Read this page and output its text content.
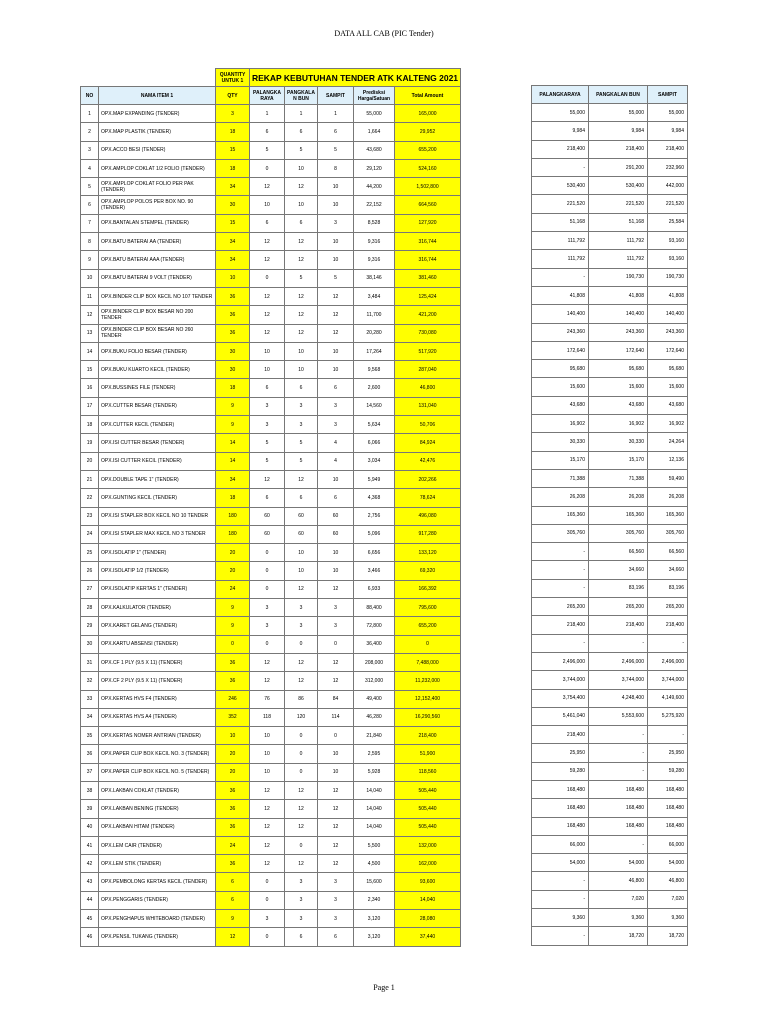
DATA ALL CAB (PIC Tender)
		QUANTITY UNTUK 1	REKAP KEBUTUHAN TENDER ATK KALTENG 2021				
NO	NAMA ITEM 1	QTY	PALANGKA RAYA	PANGKALA N BUN	SAMPIT	Predisksi Harga/Satuan	Total Amount
1	OPX.MAP EXPANDING (TENDER)	3	1	1	1	55,000	165,000
2	OPX.MAP PLASTIK (TENDER)	18	6	6	6	1,664	29,952
3	OPX.ACCO BESI (TENDER)	15	5	5	5	43,680	655,200
4	OPX.AMPLOP COKLAT 1/2 FOLIO (TENDER)	18	0	10	8	29,120	524,160
5	OPX.AMPLOP COKLAT FOLIO PER PAK (TENDER)	34	12	12	10	44,200	1,502,800
6	OPX.AMPLOP POLOS PER BOX NO. 90 (TENDER)	30	10	10	10	22,152	664,560
7	OPX.BANTALAN STEMPEL (TENDER)	15	6	6	3	8,528	127,920
8	OPX.BATU BATERAI AA (TENDER)	34	12	12	10	9,316	316,744
9	OPX.BATU BATERAI AAA (TENDER)	34	12	12	10	9,316	316,744
10	OPX.BATU BATERAI 9 VOLT (TENDER)	10	0	5	5	38,146	381,460
11	OPX.BINDER CLIP BOX KECIL NO 107 TENDER	36	12	12	12	3,484	125,424
12	OPX.BINDER CLIP BOX BESAR NO 200 TENDER	36	12	12	12	11,700	421,200
13	OPX.BINDER CLIP BOX BESAR NO 260 TENDER	36	12	12	12	20,280	730,080
14	OPX.BUKU FOLIO BESAR (TENDER)	30	10	10	10	17,264	517,920
15	OPX.BUKU KUARTO KECIL (TENDER)	30	10	10	10	9,568	287,040
16	OPX.BUSSINES FILE (TENDER)	18	6	6	6	2,600	46,800
17	OPX.CUTTER BESAR (TENDER)	9	3	3	3	14,560	131,040
18	OPX.CUTTER KECIL (TENDER)	9	3	3	3	5,634	50,706
19	OPX.ISI CUTTER BESAR (TENDER)	14	5	5	4	6,066	84,924
20	OPX.ISI CUTTER KECIL (TENDER)	14	5	5	4	3,034	42,476
21	OPX.DOUBLE TAPE 1" (TENDER)	34	12	12	10	5,949	202,266
22	OPX.GUNTING KECIL (TENDER)	18	6	6	6	4,368	78,624
23	OPX.ISI STAPLER BOX KECIL NO 10 TENDER	180	60	60	60	2,756	496,080
24	OPX.ISI STAPLER MAX KECIL NO 3 TENDER	180	60	60	60	5,096	917,280
25	OPX.ISOLATIP 1" (TENDER)	20	0	10	10	6,656	133,120
26	OPX.ISOLATIP 1/2 (TENDER)	20	0	10	10	3,466	69,320
27	OPX.ISOLATIP KERTAS 1" (TENDER)	24	0	12	12	6,933	166,392
28	OPX.KALKULATOR (TENDER)	9	3	3	3	88,400	795,600
29	OPX.KARET GELANG (TENDER)	9	3	3	3	72,800	655,200
30	OPX.KARTU ABSENSI (TENDER)	0	0	0	0	36,400	0
31	OPX.CF 1 PLY (9.5 X 11) (TENDER)	36	12	12	12	208,000	7,488,000
32	OPX.CF 2 PLY (9.5 X 11) (TENDER)	36	12	12	12	312,000	11,232,000
33	OPX.KERTAS HVS F4 (TENDER)	246	76	86	84	49,400	12,152,400
34	OPX.KERTAS HVS A4 (TENDER)	352	118	120	114	46,280	16,290,560
35	OPX.KERTAS NOMER ANTRIAN (TENDER)	10	10	0	0	21,840	218,400
36	OPX.PAPER CLIP BOX KECIL NO. 3 (TENDER)	20	10	0	10	2,595	51,900
37	OPX.PAPER CLIP BOX KECIL NO. 5 (TENDER)	20	10	0	10	5,928	118,560
38	OPX.LAKBAN COKLAT (TENDER)	36	12	12	12	14,040	505,440
39	OPX.LAKBAN BENING (TENDER)	36	12	12	12	14,040	505,440
40	OPX.LAKBAN HITAM (TENDER)	36	12	12	12	14,040	505,440
41	OPX.LEM CAIR (TENDER)	24	12	0	12	5,500	132,000
42	OPX.LEM STIK (TENDER)	36	12	12	12	4,500	162,000
43	OPX.PEMBOLONG KERTAS KECIL (TENDER)	6	0	3	3	15,600	93,600
44	OPX.PENGGARIS (TENDER)	6	0	3	3	2,340	14,040
45	OPX.PENGHAPUS WHITEBOARD (TENDER)	9	3	3	3	3,120	28,080
46	OPX.PENSIL TUKANG (TENDER)	12	0	6	6	3,120	37,440
PALANGKARAYA	PANGKALAN BUN	SAMPIT
55,000	55,000	55,000
9,984	9,984	9,984
218,400	218,400	218,400
-	291,200	232,960
530,400	530,400	442,000
221,520	221,520	221,520
51,168	51,168	25,584
111,792	111,792	93,160
111,792	111,792	93,160
-	190,730	190,730
41,808	41,808	41,808
140,400	140,400	140,400
243,360	243,360	243,360
172,640	172,640	172,640
95,680	95,680	95,680
15,600	15,600	15,600
43,680	43,680	43,680
16,902	16,902	16,902
30,330	30,330	24,264
15,170	15,170	12,136
71,388	71,388	59,490
26,208	26,208	26,208
165,360	165,360	165,360
305,760	305,760	305,760
-	66,560	66,560
-	34,660	34,660
-	83,196	83,196
265,200	265,200	265,200
218,400	218,400	218,400
-	-	-
2,496,000	2,496,000	2,496,000
3,744,000	3,744,000	3,744,000
3,754,400	4,248,400	4,149,600
5,461,040	5,553,600	5,275,920
218,400	-	-
25,950	-	25,950
59,280	-	59,280
168,480	168,480	168,480
168,480	168,480	168,480
168,480	168,480	168,480
66,000	-	66,000
54,000	54,000	54,000
-	46,800	46,800
-	7,020	7,020
9,360	9,360	9,360
-	18,720	18,720
Page 1
